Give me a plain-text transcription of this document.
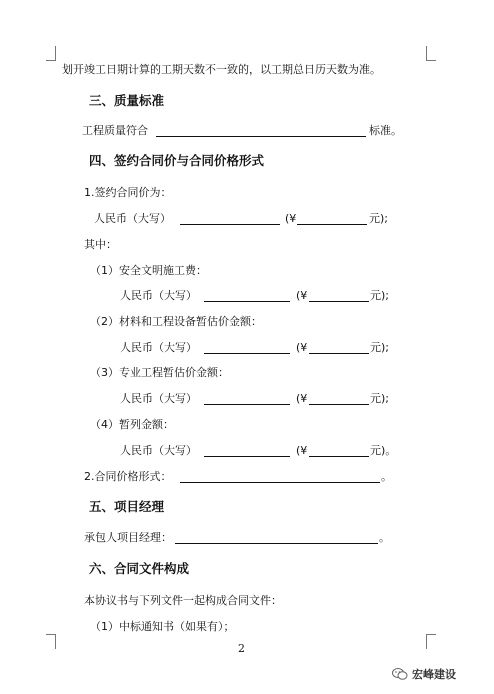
划开竣工日期计算的工期天数不一致的，以工期总日历天数为准。
三、质量标准
工程质量符合	标准。
四、签约合同价与合同价格形式
1.签约合同价为：
人民币（大写）	(¥	元);
其中：
（1）安全文明施工费：
人民币（大写）	(¥	元);
（2）材料和工程设备暂估价金额：
人民币（大写）	(¥	元);
（3）专业工程暂估价金额：
人民币（大写）	(¥	元);
（4）暂列金额：
人民币（大写）	(¥	元)。
2.合同价格形式：	。
五、项目经理
承包人项目经理：	。
六、合同文件构成
本协议书与下列文件一起构成合同文件：
（1）中标通知书（如果有）；
2
宏峰建设
